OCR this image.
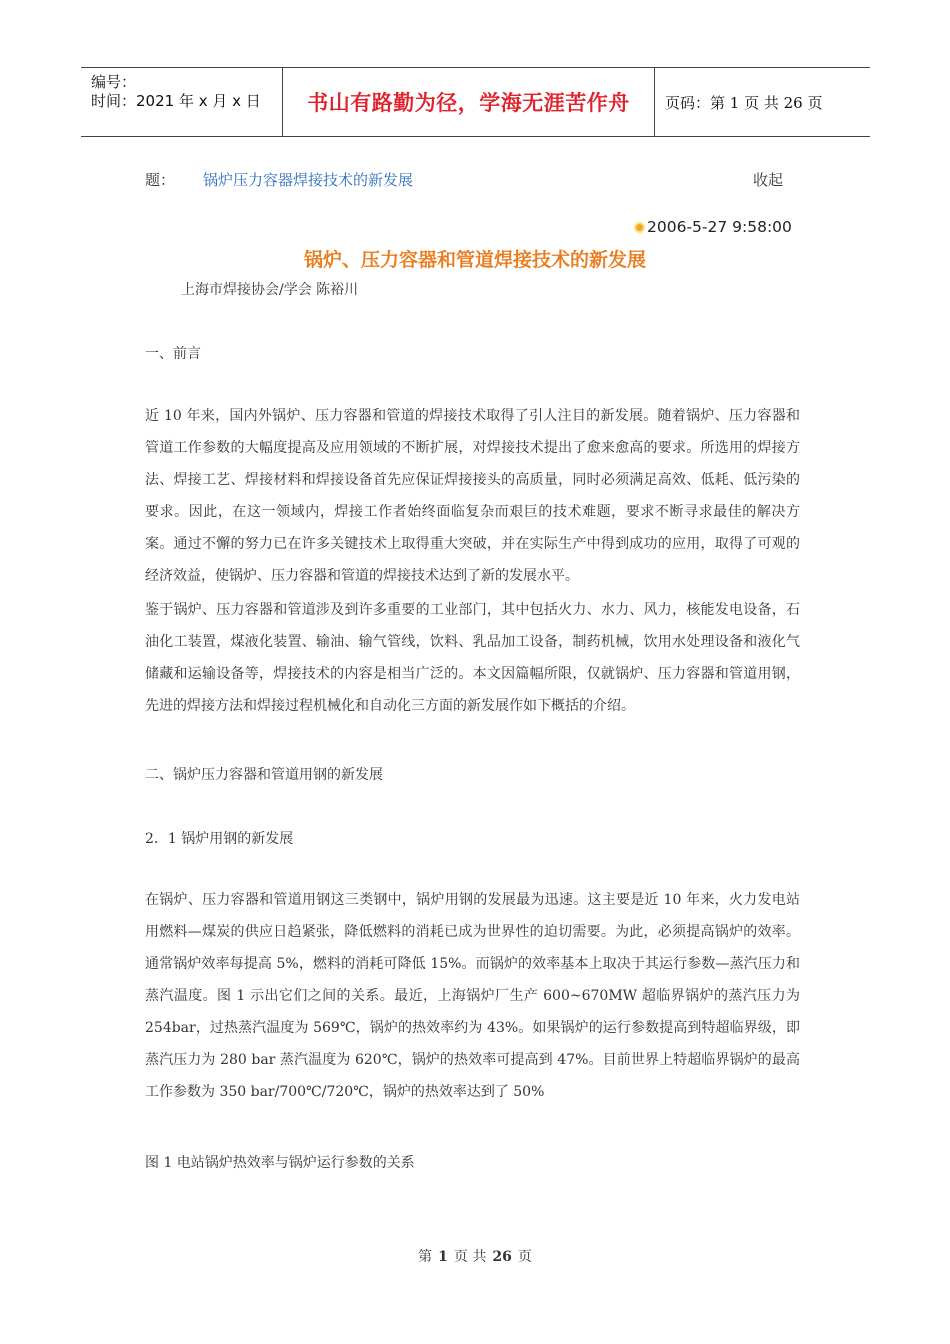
编号：
时间：2021 年 x 月 x 日	书山有路勤为径，学海无涯苦作舟	页码：第 1 页 共 26 页
题： 锅炉压力容器焊接技术的新发展	收起
2006-5-27 9:58:00
锅炉、压力容器和管道焊接技术的新发展
上海市焊接协会/学会 陈裕川
一、前言

近 10 年来，国内外锅炉、压力容器和管道的焊接技术取得了引人注目的新发展。随着锅炉、压力容器和管道工作参数的大幅度提高及应用领域的不断扩展，对焊接技术提出了愈来愈高的要求。所选用的焊接方法、焊接工艺、焊接材料和焊接设备首先应保证焊接接头的高质量，同时必须满足高效、低耗、低污染的要求。因此，在这一领域内，焊接工作者始终面临复杂而艰巨的技术难题，要求不断寻求最佳的解决方案。通过不懈的努力已在许多关键技术上取得重大突破，并在实际生产中得到成功的应用，取得了可观的经济效益，使锅炉、压力容器和管道的焊接技术达到了新的发展水平。

鉴于锅炉、压力容器和管道涉及到许多重要的工业部门，其中包括火力、水力、风力，核能发电设备，石油化工装置，煤液化装置、输油、输气管线，饮料、乳品加工设备，制药机械，饮用水处理设备和液化气储藏和运输设备等，焊接技术的内容是相当广泛的。本文因篇幅所限，仅就锅炉、压力容器和管道用钢，先进的焊接方法和焊接过程机械化和自动化三方面的新发展作如下概括的介绍。

二、锅炉压力容器和管道用钢的新发展
2．1 锅炉用钢的新发展

在锅炉、压力容器和管道用钢这三类钢中，锅炉用钢的发展最为迅速。这主要是近 10 年来，火力发电站用燃料—煤炭的供应日趋紧张，降低燃料的消耗已成为世界性的迫切需要。为此，必须提高锅炉的效率。通常锅炉效率每提高 5%，燃料的消耗可降低 15%。而锅炉的效率基本上取决于其运行参数—蒸汽压力和蒸汽温度。图 1 示出它们之间的关系。最近，上海锅炉厂生产 600~670MW 超临界锅炉的蒸汽压力为 254bar，过热蒸汽温度为 569℃，锅炉的热效率约为 43%。如果锅炉的运行参数提高到特超临界级，即蒸汽压力为 280 bar 蒸汽温度为 620℃，锅炉的热效率可提高到 47%。目前世界上特超临界锅炉的最高工作参数为 350 bar/700℃/720℃，锅炉的热效率达到了 50%

图 1 电站锅炉热效率与锅炉运行参数的关系
第 1 页 共 26 页
